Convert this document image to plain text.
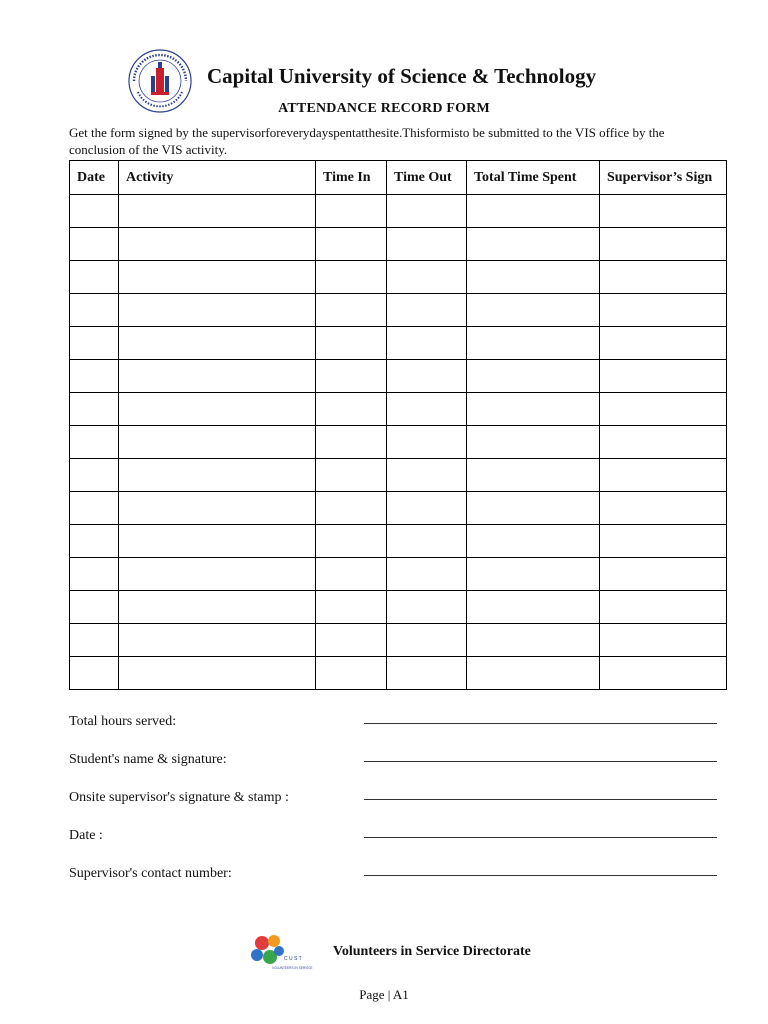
Capital University of Science & Technology
ATTENDANCE RECORD FORM
Get the form signed by the supervisorforeverydayspentatthesite.Thisformisto be submitted to the VIS office by the conclusion of the VIS activity.
Date	Activity	Time In	Time Out	Total Time Spent	Supervisor’s Sign

Total hours served:
Student's name & signature:
Onsite supervisor's signature & stamp :
Date :
Supervisor's contact number:
C U S T
VOLUNTEERS IN SERVICE
Volunteers in Service Directorate
Page | A1
